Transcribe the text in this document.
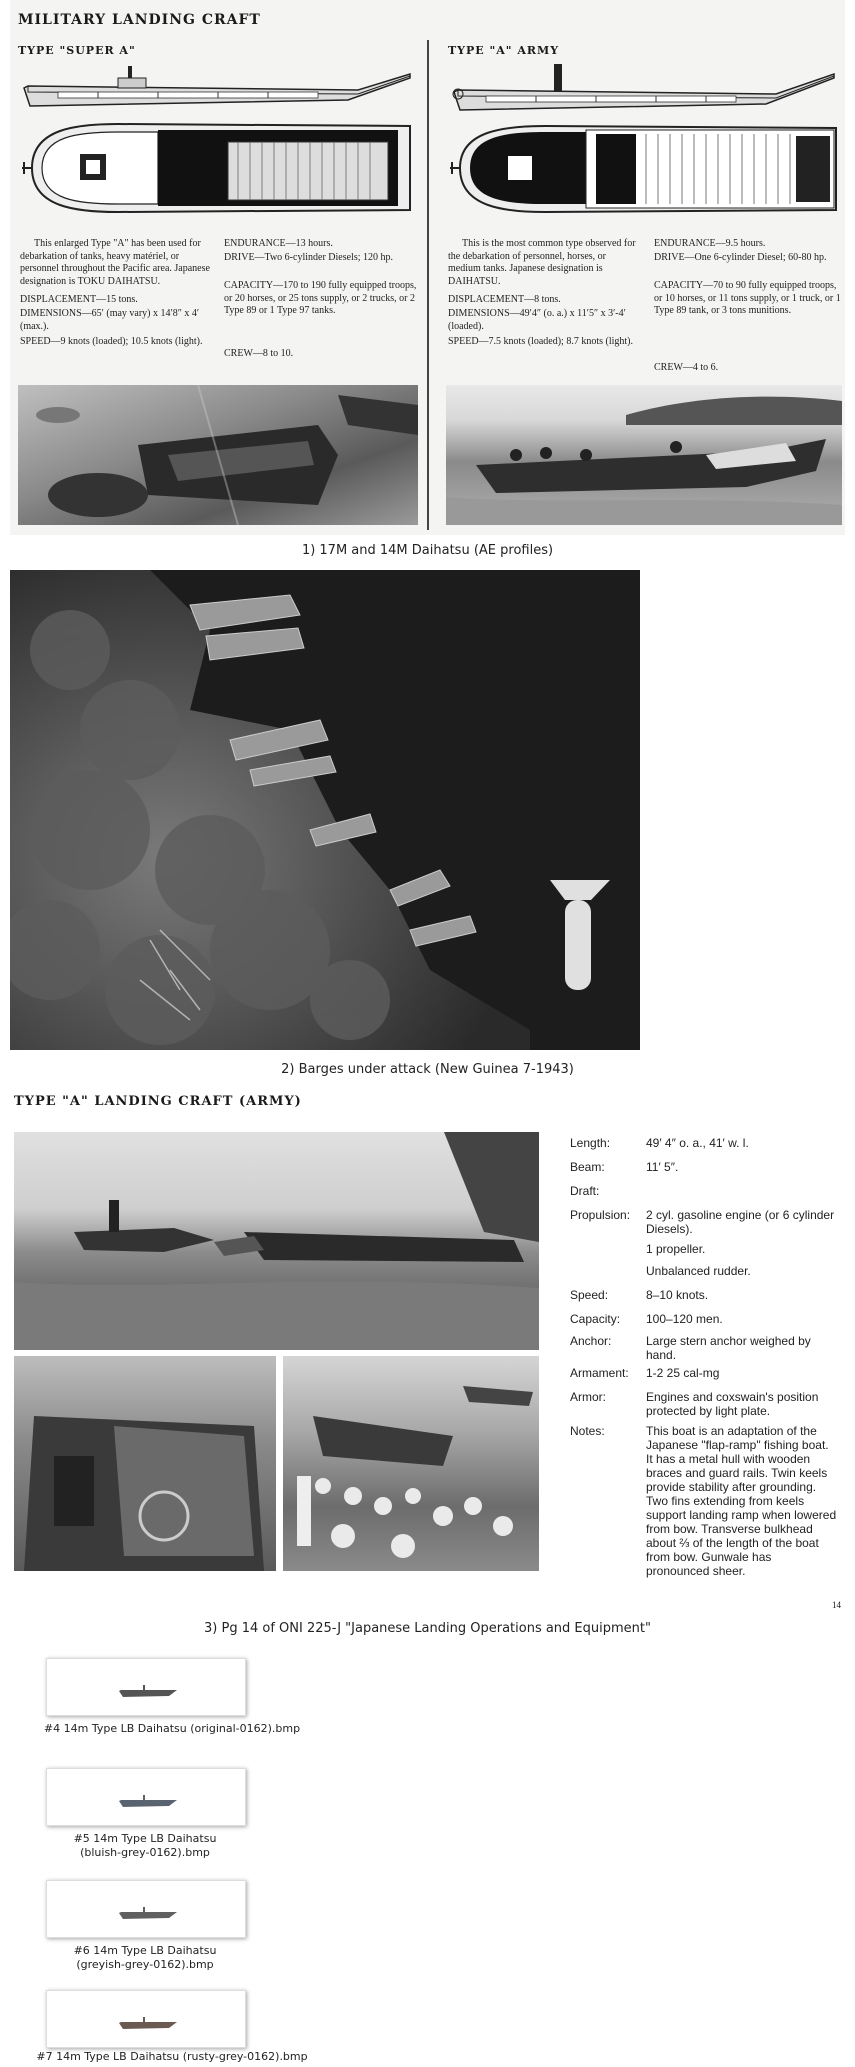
MILITARY LANDING CRAFT
TYPE "SUPER A"
This enlarged Type "A" has been used for debarkation of tanks, heavy matériel, or personnel throughout the Pacific area. Japanese designation is TOKU DAIHATSU.
DISPLACEMENT—15 tons.
DIMENSIONS—65′ (may vary) x 14′8″ x 4′ (max.).
SPEED—9 knots (loaded); 10.5 knots (light).
ENDURANCE—13 hours.
DRIVE—Two 6-cylinder Diesels; 120 hp.
CAPACITY—170 to 190 fully equipped troops, or 20 horses, or 25 tons supply, or 2 trucks, or 2 Type 89 or 1 Type 97 tanks.
CREW—8 to 10.
TYPE "A" ARMY
This is the most common type observed for the debarkation of personnel, horses, or medium tanks. Japanese designation is DAIHATSU.
DISPLACEMENT—8 tons.
DIMENSIONS—49′4″ (o. a.) x 11′5″ x 3′-4′ (loaded).
SPEED—7.5 knots (loaded); 8.7 knots (light).
ENDURANCE—9.5 hours.
DRIVE—One 6-cylinder Diesel; 60-80 hp.
CAPACITY—70 to 90 fully equipped troops, or 10 horses, or 11 tons supply, or 1 truck, or 1 Type 89 tank, or 3 tons munitions.
CREW—4 to 6.
1) 17M and 14M Daihatsu (AE profiles)
2) Barges under attack (New Guinea 7-1943)
TYPE "A" LANDING CRAFT (ARMY)
Length:	49′ 4″ o. a., 41′ w. l.
Beam:	11′ 5″.
Draft:
Propulsion: 2 cyl. gasoline engine (or 6 cylinder Diesels).
1 propeller.
Unbalanced rudder.
Speed:	8–10 knots.
Capacity: 100–120 men.
Anchor:	Large stern anchor weighed by hand.
Armament: 1-2 25 cal-mg
Armor:	Engines and coxswain's position protected by light plate.
Notes:	This boat is an adaptation of the Japanese "flap-ramp" fishing boat. It has a metal hull with wooden braces and guard rails. Twin keels provide stability after grounding. Two fins extending from keels support landing ramp when lowered from bow. Transverse bulkhead about ⅔ of the length of the boat from bow. Gunwale has pronounced sheer.
14
3) Pg 14 of ONI 225-J "Japanese Landing Operations and Equipment"
#4 14m Type LB Daihatsu (original-0162).bmp
#5 14m Type LB Daihatsu (bluish-grey-0162).bmp
#6 14m Type LB Daihatsu (greyish-grey-0162).bmp
#7 14m Type LB Daihatsu (rusty-grey-0162).bmp
